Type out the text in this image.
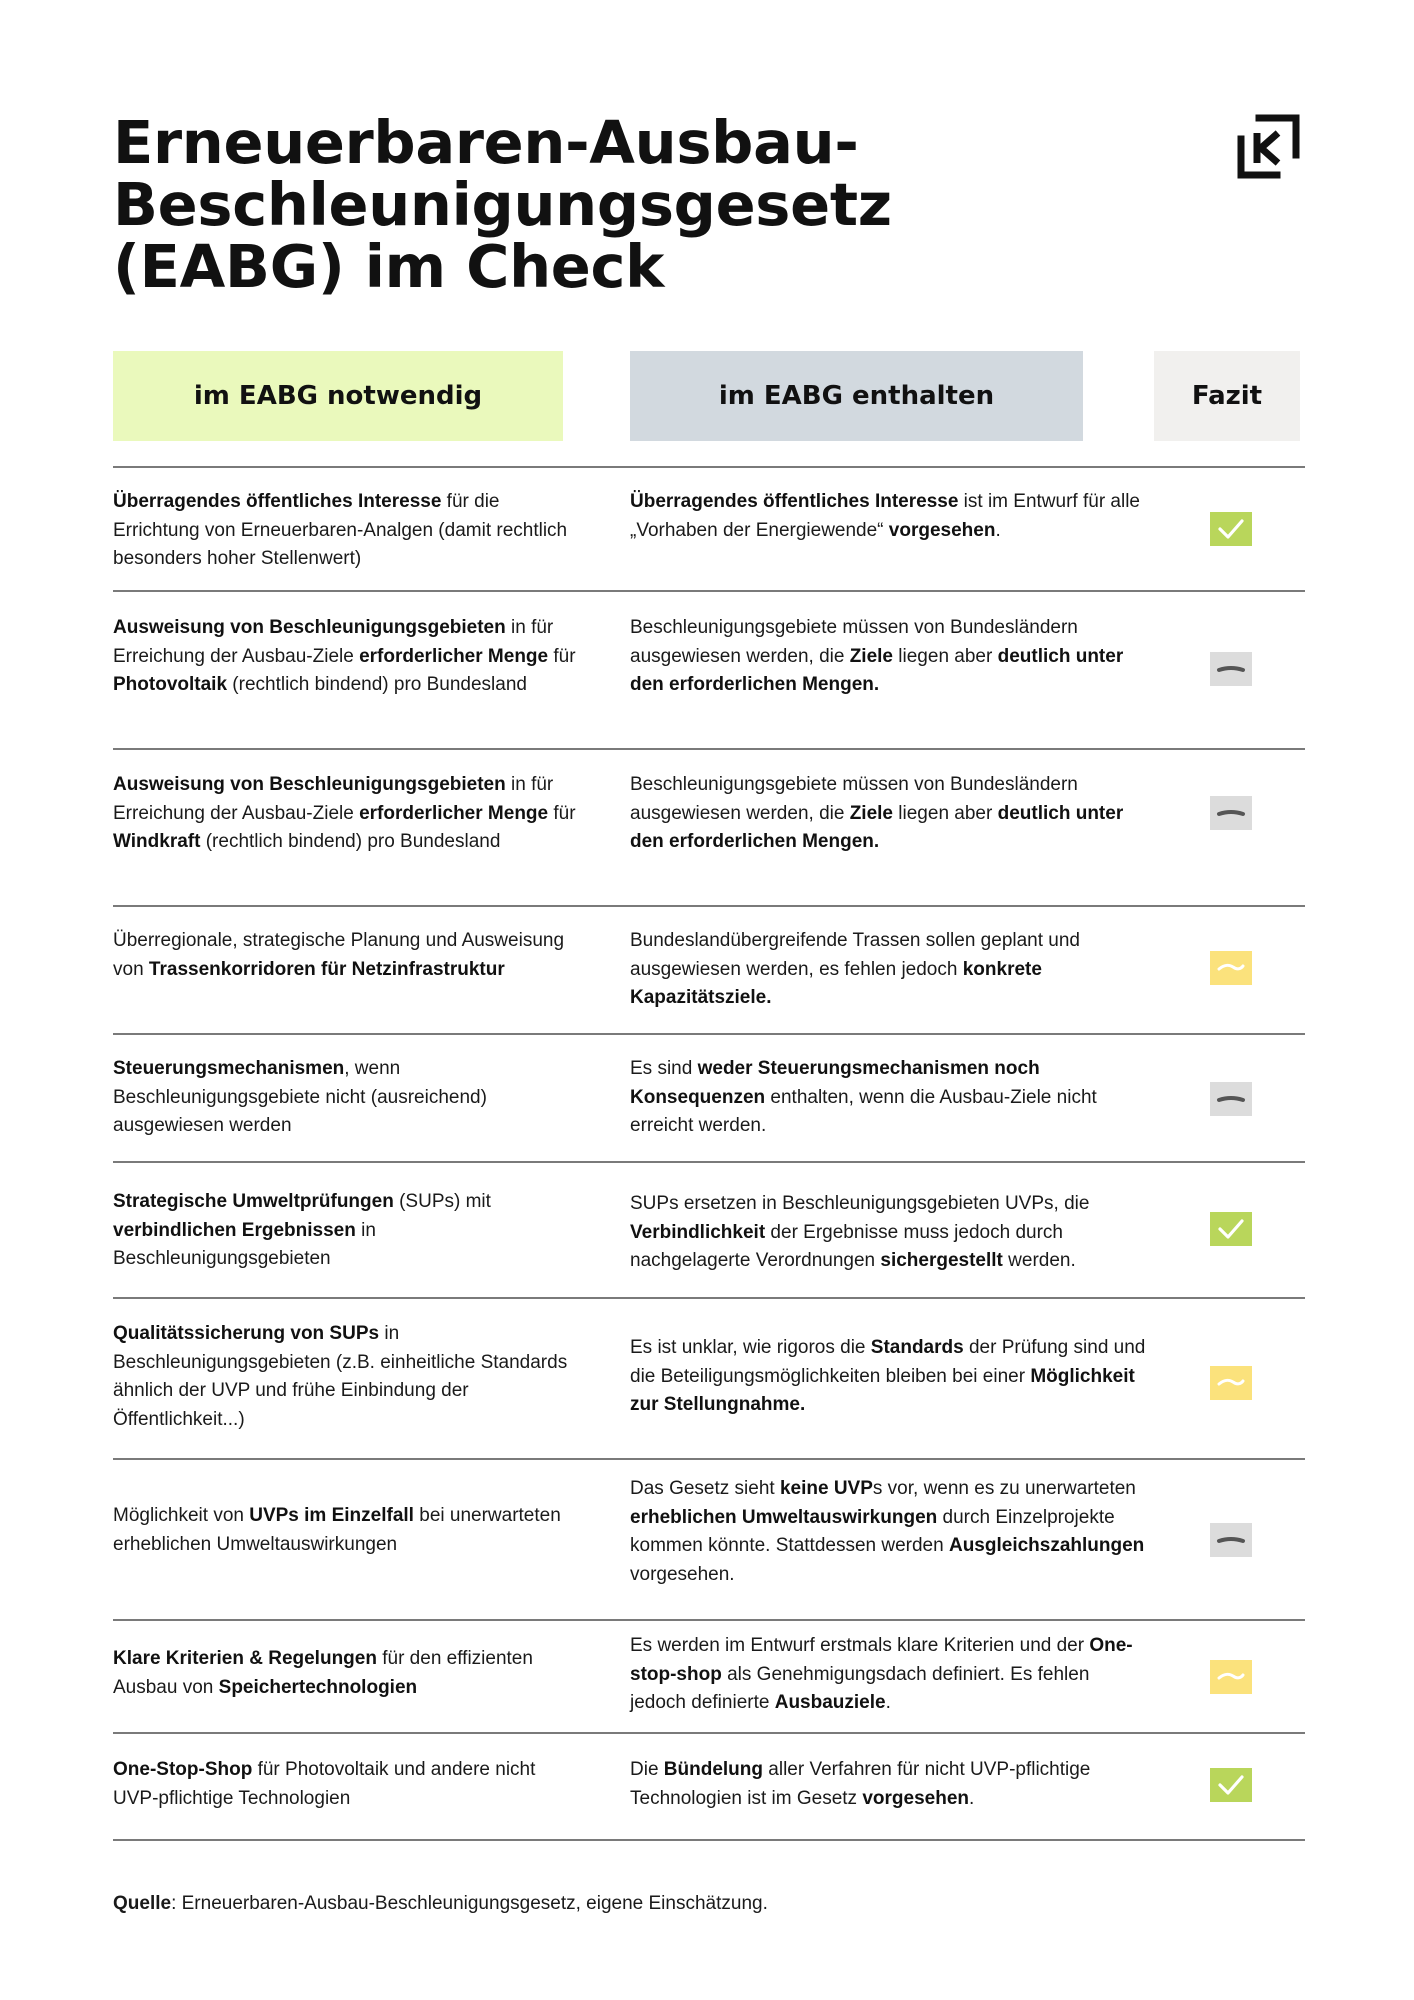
Erneuerbaren-Ausbau-
Beschleunigungsgesetz
(EABG) im Check
im EABG notwendig	im EABG enthalten	Fazit
Überragendes öffentliches Interesse für die Errichtung von Erneuerbaren-Analgen (damit rechtlich besonders hoher Stellenwert)
Überragendes öffentliches Interesse ist im Entwurf für alle „Vorhaben der Energiewende“ vorgesehen.
Ausweisung von Beschleunigungsgebieten in für Erreichung der Ausbau-Ziele erforderlicher Menge für Photovoltaik (rechtlich bindend) pro Bundesland
Beschleunigungsgebiete müssen von Bundesländern ausgewiesen werden, die Ziele liegen aber deutlich unter den erforderlichen Mengen.
Ausweisung von Beschleunigungsgebieten in für Erreichung der Ausbau-Ziele erforderlicher Menge für Windkraft (rechtlich bindend) pro Bundesland
Beschleunigungsgebiete müssen von Bundesländern ausgewiesen werden, die Ziele liegen aber deutlich unter den erforderlichen Mengen.
Überregionale, strategische Planung und Ausweisung von Trassenkorridoren für Netzinfrastruktur
Bundeslandübergreifende Trassen sollen geplant und ausgewiesen werden, es fehlen jedoch konkrete Kapazitätsziele.
Steuerungsmechanismen, wenn Beschleunigungsgebiete nicht (ausreichend) ausgewiesen werden
Es sind weder Steuerungsmechanismen noch Konsequenzen enthalten, wenn die Ausbau-Ziele nicht erreicht werden.
Strategische Umweltprüfungen (SUPs) mit verbindlichen Ergebnissen in Beschleunigungsgebieten
SUPs ersetzen in Beschleunigungsgebieten UVPs, die Verbindlichkeit der Ergebnisse muss jedoch durch nachgelagerte Verordnungen sichergestellt werden.
Qualitätssicherung von SUPs in Beschleunigungsgebieten (z.B. einheitliche Standards ähnlich der UVP und frühe Einbindung der Öffentlichkeit...)
Es ist unklar, wie rigoros die Standards der Prüfung sind und die Beteiligungsmöglichkeiten bleiben bei einer Möglichkeit zur Stellungnahme.
Möglichkeit von UVPs im Einzelfall bei unerwarteten erheblichen Umweltauswirkungen
Das Gesetz sieht keine UVPs vor, wenn es zu unerwarteten erheblichen Umweltauswirkungen durch Einzelprojekte kommen könnte. Stattdessen werden Ausgleichszahlungen vorgesehen.
Klare Kriterien & Regelungen für den effizienten Ausbau von Speichertechnologien
Es werden im Entwurf erstmals klare Kriterien und der One-stop-shop als Genehmigungsdach definiert. Es fehlen jedoch definierte Ausbauziele.
One-Stop-Shop für Photovoltaik und andere nicht UVP-pflichtige Technologien
Die Bündelung aller Verfahren für nicht UVP-pflichtige Technologien ist im Gesetz vorgesehen.
Quelle: Erneuerbaren-Ausbau-Beschleunigungsgesetz, eigene Einschätzung.
